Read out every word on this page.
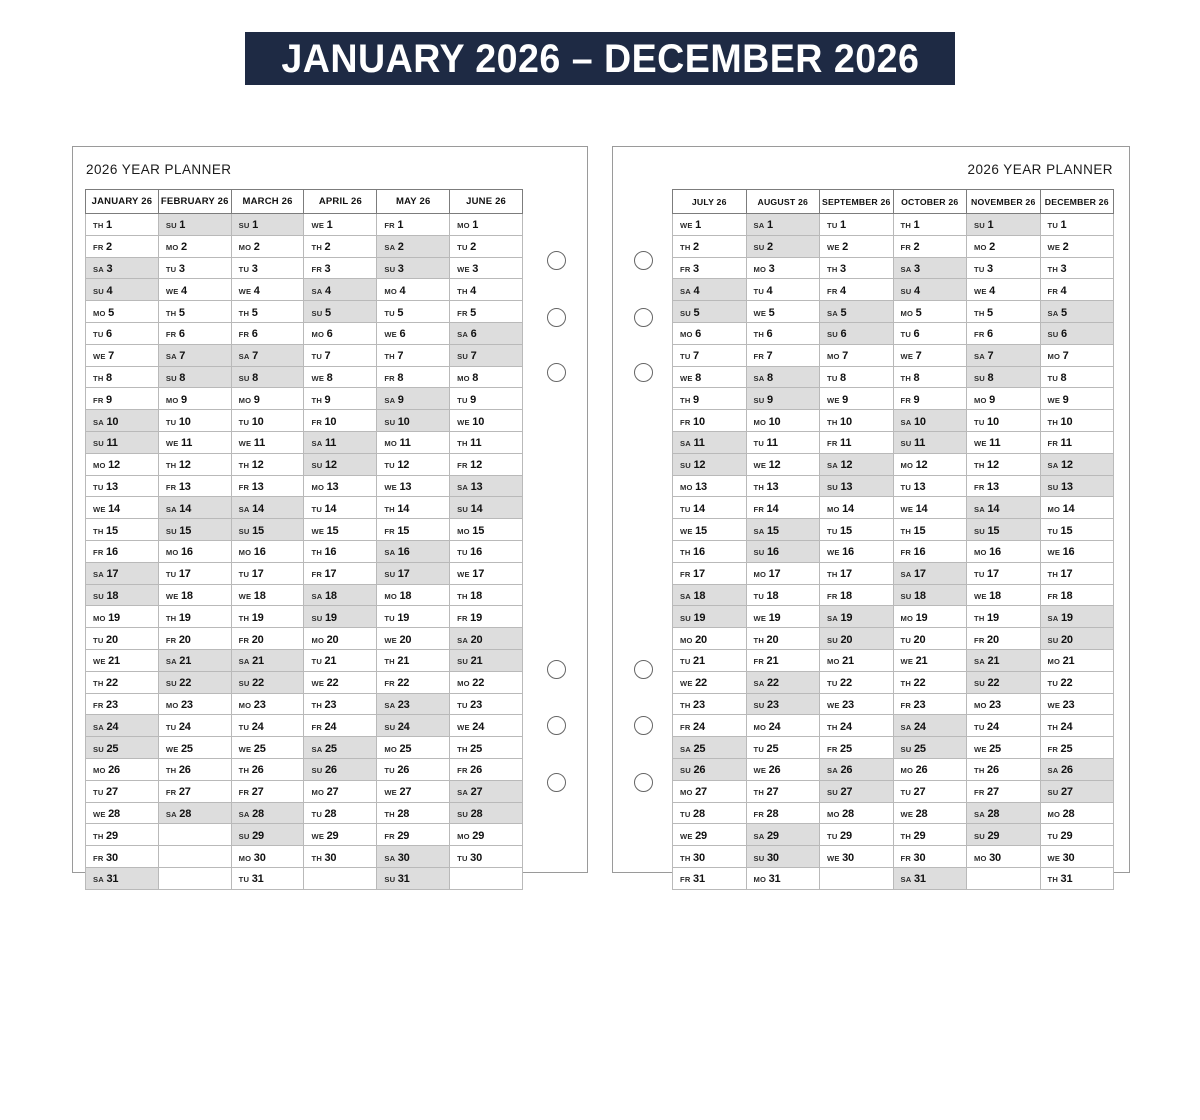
JANUARY 2026 – DECEMBER 2026
2026 YEAR PLANNER
JANUARY 26	FEBRUARY 26	MARCH 26	APRIL 26	MAY 26	JUNE 26
TH 1	SU 1	SU 1	WE 1	FR 1	MO 1
FR 2	MO 2	MO 2	TH 2	SA 2	TU 2
SA 3	TU 3	TU 3	FR 3	SU 3	WE 3
SU 4	WE 4	WE 4	SA 4	MO 4	TH 4
MO 5	TH 5	TH 5	SU 5	TU 5	FR 5
TU 6	FR 6	FR 6	MO 6	WE 6	SA 6
WE 7	SA 7	SA 7	TU 7	TH 7	SU 7
TH 8	SU 8	SU 8	WE 8	FR 8	MO 8
FR 9	MO 9	MO 9	TH 9	SA 9	TU 9
SA 10	TU 10	TU 10	FR 10	SU 10	WE 10
SU 11	WE 11	WE 11	SA 11	MO 11	TH 11
MO 12	TH 12	TH 12	SU 12	TU 12	FR 12
TU 13	FR 13	FR 13	MO 13	WE 13	SA 13
WE 14	SA 14	SA 14	TU 14	TH 14	SU 14
TH 15	SU 15	SU 15	WE 15	FR 15	MO 15
FR 16	MO 16	MO 16	TH 16	SA 16	TU 16
SA 17	TU 17	TU 17	FR 17	SU 17	WE 17
SU 18	WE 18	WE 18	SA 18	MO 18	TH 18
MO 19	TH 19	TH 19	SU 19	TU 19	FR 19
TU 20	FR 20	FR 20	MO 20	WE 20	SA 20
WE 21	SA 21	SA 21	TU 21	TH 21	SU 21
TH 22	SU 22	SU 22	WE 22	FR 22	MO 22
FR 23	MO 23	MO 23	TH 23	SA 23	TU 23
SA 24	TU 24	TU 24	FR 24	SU 24	WE 24
SU 25	WE 25	WE 25	SA 25	MO 25	TH 25
MO 26	TH 26	TH 26	SU 26	TU 26	FR 26
TU 27	FR 27	FR 27	MO 27	WE 27	SA 27
WE 28	SA 28	SA 28	TU 28	TH 28	SU 28
TH 29		SU 29	WE 29	FR 29	MO 29
FR 30		MO 30	TH 30	SA 30	TU 30
SA 31		TU 31		SU 31	
2026 YEAR PLANNER
JULY 26	AUGUST 26	SEPTEMBER 26	OCTOBER 26	NOVEMBER 26	DECEMBER 26
WE 1	SA 1	TU 1	TH 1	SU 1	TU 1
TH 2	SU 2	WE 2	FR 2	MO 2	WE 2
FR 3	MO 3	TH 3	SA 3	TU 3	TH 3
SA 4	TU 4	FR 4	SU 4	WE 4	FR 4
SU 5	WE 5	SA 5	MO 5	TH 5	SA 5
MO 6	TH 6	SU 6	TU 6	FR 6	SU 6
TU 7	FR 7	MO 7	WE 7	SA 7	MO 7
WE 8	SA 8	TU 8	TH 8	SU 8	TU 8
TH 9	SU 9	WE 9	FR 9	MO 9	WE 9
FR 10	MO 10	TH 10	SA 10	TU 10	TH 10
SA 11	TU 11	FR 11	SU 11	WE 11	FR 11
SU 12	WE 12	SA 12	MO 12	TH 12	SA 12
MO 13	TH 13	SU 13	TU 13	FR 13	SU 13
TU 14	FR 14	MO 14	WE 14	SA 14	MO 14
WE 15	SA 15	TU 15	TH 15	SU 15	TU 15
TH 16	SU 16	WE 16	FR 16	MO 16	WE 16
FR 17	MO 17	TH 17	SA 17	TU 17	TH 17
SA 18	TU 18	FR 18	SU 18	WE 18	FR 18
SU 19	WE 19	SA 19	MO 19	TH 19	SA 19
MO 20	TH 20	SU 20	TU 20	FR 20	SU 20
TU 21	FR 21	MO 21	WE 21	SA 21	MO 21
WE 22	SA 22	TU 22	TH 22	SU 22	TU 22
TH 23	SU 23	WE 23	FR 23	MO 23	WE 23
FR 24	MO 24	TH 24	SA 24	TU 24	TH 24
SA 25	TU 25	FR 25	SU 25	WE 25	FR 25
SU 26	WE 26	SA 26	MO 26	TH 26	SA 26
MO 27	TH 27	SU 27	TU 27	FR 27	SU 27
TU 28	FR 28	MO 28	WE 28	SA 28	MO 28
WE 29	SA 29	TU 29	TH 29	SU 29	TU 29
TH 30	SU 30	WE 30	FR 30	MO 30	WE 30
FR 31	MO 31		SA 31		TH 31
